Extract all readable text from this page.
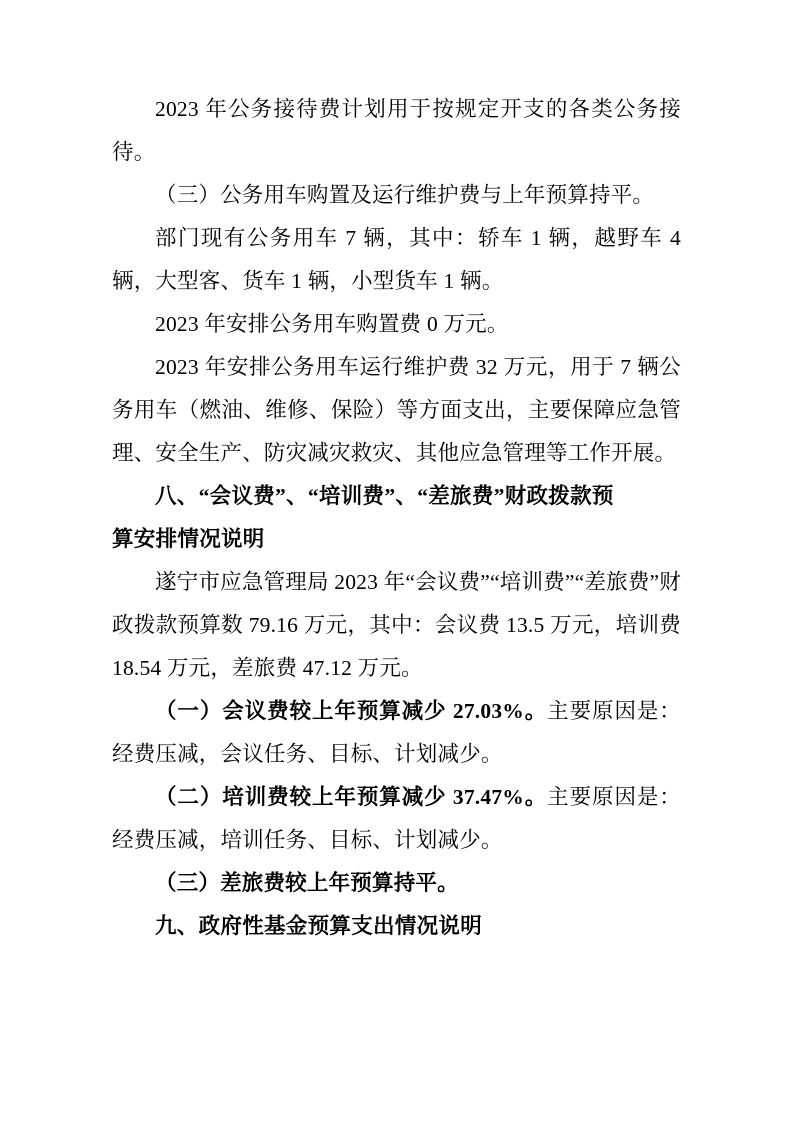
2023 年公务接待费计划用于按规定开支的各类公务接待。

（三）公务用车购置及运行维护费与上年预算持平。

部门现有公务用车 7 辆，其中：轿车 1 辆，越野车 4 辆，大型客、货车 1 辆，小型货车 1 辆。

2023 年安排公务用车购置费 0 万元。

2023 年安排公务用车运行维护费 32 万元，用于 7 辆公务用车（燃油、维修、保险）等方面支出，主要保障应急管理、安全生产、防灾减灾救灾、其他应急管理等工作开展。

八、“会议费”、“培训费”、“差旅费”财政拨款预

算安排情况说明

遂宁市应急管理局 2023 年“会议费”“培训费”“差旅费”财政拨款预算数 79.16 万元，其中：会议费 13.5 万元，培训费 18.54 万元，差旅费 47.12 万元。

（一）会议费较上年预算减少 27.03%。主要原因是：经费压减，会议任务、目标、计划减少。

（二）培训费较上年预算减少 37.47%。主要原因是：经费压减，培训任务、目标、计划减少。

（三）差旅费较上年预算持平。

九、政府性基金预算支出情况说明
